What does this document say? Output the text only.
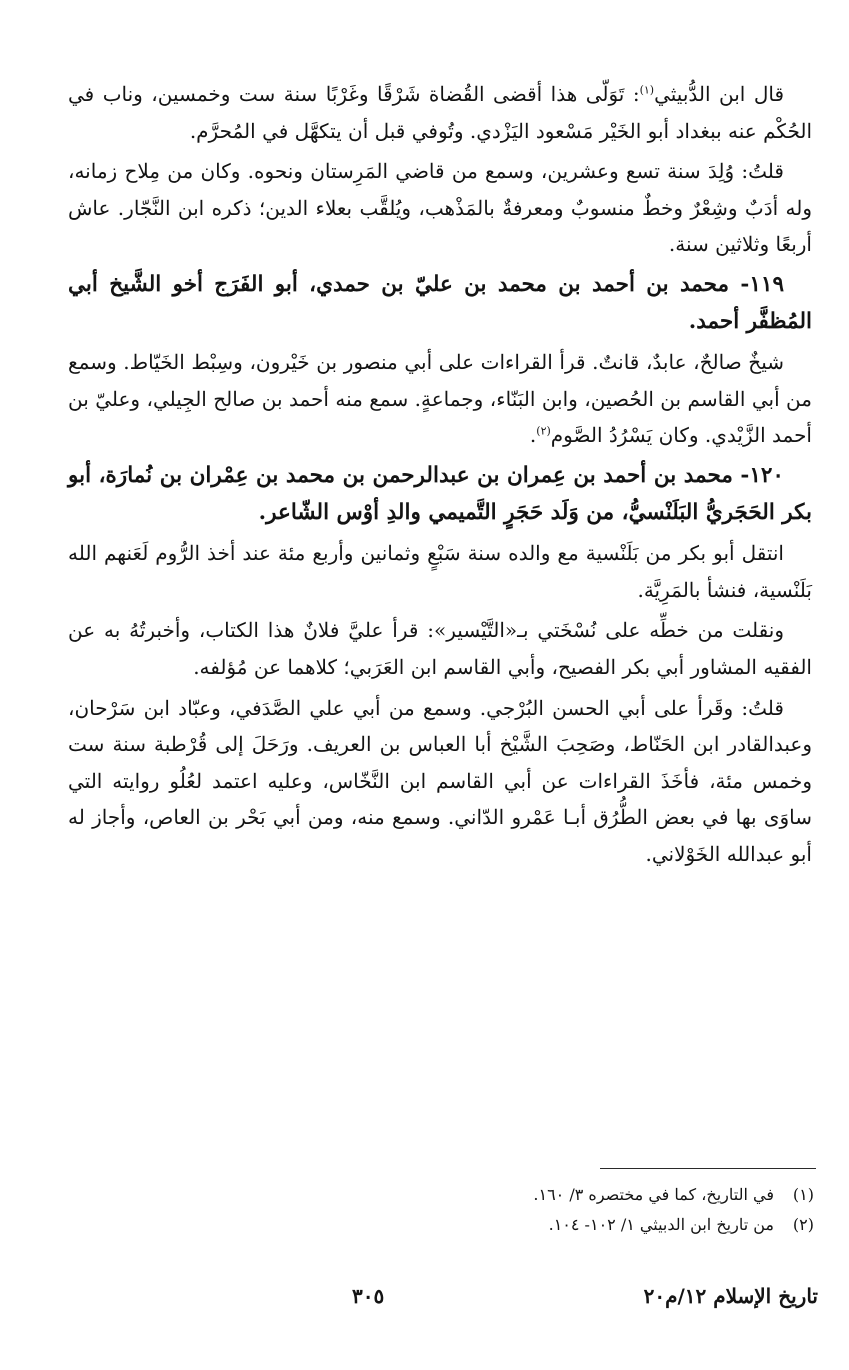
قال ابن الدُّبيثي$^{(١)}$: تَوَلّى هذا أقضى القُضاة شَرْقًا وغَرْبًا سنة ست وخمسين، وناب في الحُكْم عنه ببغداد أبو الخَيْر مَسْعود اليَزْدي. وتُوفي قبل أن يتكهَّل في المُحرَّم.

قلتُ: وُلِدَ سنة تسع وعشرين، وسمع من قاضي المَرِستان ونحوه. وكان من مِلاح زمانه، وله أدَبٌ وشِعْرٌ وخطٌ منسوبٌ ومعرفةٌ بالمَذْهب، ويُلقَّب بعلاء الدين؛ ذكره ابن النَّجّار. عاش أربعًا وثلاثين سنة.

١١٩- محمد بن أحمد بن محمد بن عليّ بن حمدي، أبو الفَرَج أخو الشَّيخ أبي المُظفَّر أحمد.

شيخٌ صالحٌ، عابدٌ، قانتٌ. قرأ القراءات على أبي منصور بن خَيْرون، وسِبْط الخَيّاط. وسمع من أبي القاسم بن الحُصين، وابن البَنّاء، وجماعةٍ. سمع منه أحمد بن صالح الجِيلي، وعليّ بن أحمد الزَّيْدي. وكان يَسْرُدُ الصَّوم$^{(٢)}$.

١٢٠- محمد بن أحمد بن عِمران بن عبدالرحمن بن محمد بن عِمْران بن نُمارَة، أبو بكر الحَجَريُّ البَلَنْسيُّ، من وَلَد حَجَرٍ التَّميمي والدِ أوْس الشّاعر.

انتقل أبو بكر من بَلَنْسية مع والده سنة سَبْعٍ وثمانين وأربع مئة عند أخذ الرُّوم لَعَنهم الله بَلَنْسية، فنشأ بالمَرِيَّة.

ونقلت من خطِّه على نُسْخَتي بـ«التَّيْسير»: قرأ عليَّ فلانٌ هذا الكتاب، وأخبرتُهُ به عن الفقيه المشاور أبي بكر الفصيح، وأبي القاسم ابن العَرَبي؛ كلاهما عن مُؤلفه.

قلتُ: وقَرأ على أبي الحسن البُرْجي. وسمع من أبي علي الصَّدَفي، وعبّاد ابن سَرْحان، وعبدالقادر ابن الحَنّاط، وصَحِبَ الشَّيْخ أبا العباس بن العريف. ورَحَلَ إلى قُرْطبة سنة ست وخمس مئة، فأخَذَ القراءات عن أبي القاسم ابن النَّخّاس، وعليه اعتمد لعُلُو روايته التي ساوَى بها في بعض الطُّرُق أبـا عَمْرو الدّاني. وسمع منه، ومن أبي بَحْر بن العاص، وأجاز له أبو عبدالله الخَوْلاني.

(١)في التاريخ، كما في مختصره ٣/ ١٦٠.
(٢)من تاريخ ابن الدبيثي ١/ ١٠٢- ١٠٤.
تاريخ الإسلام ١٢/م٢٠
٣٠٥
